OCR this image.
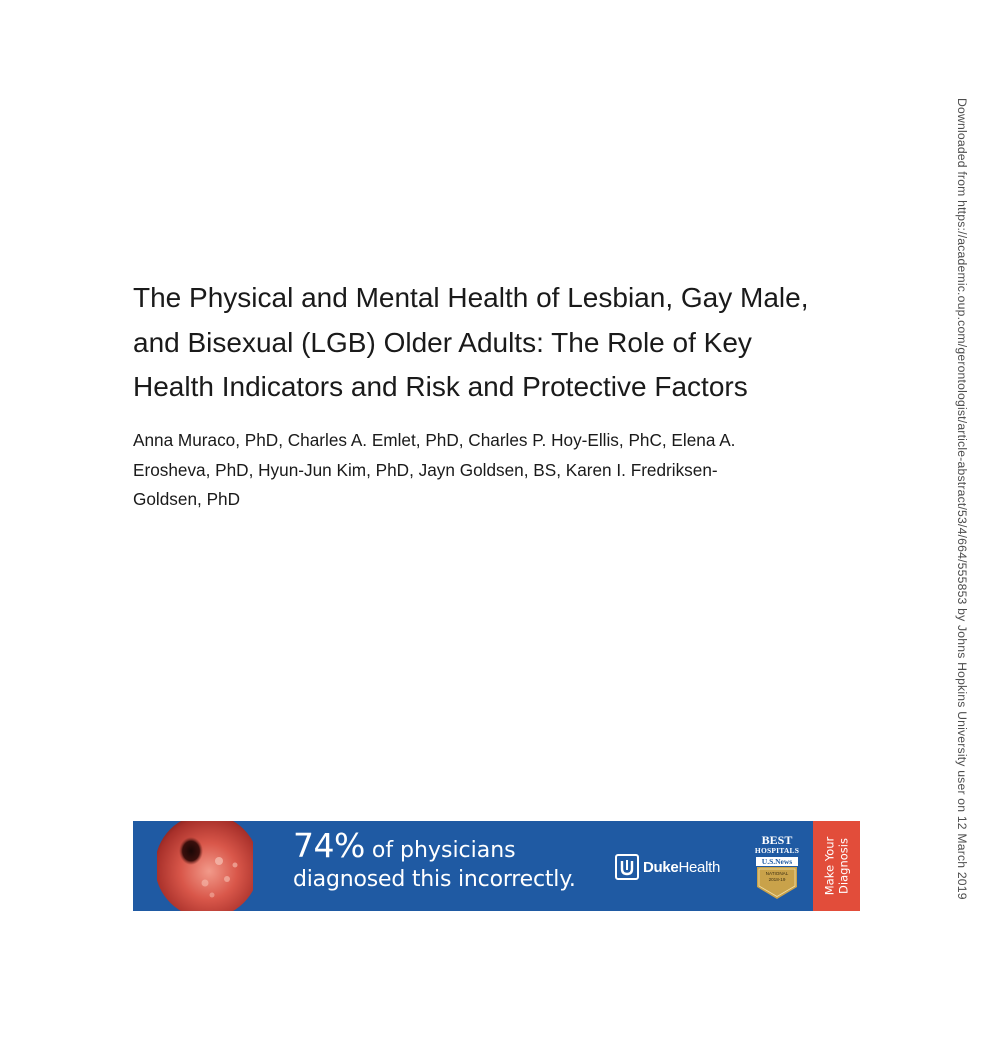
Downloaded from https://academic.oup.com/gerontologist/article-abstract/53/4/664/555853 by Johns Hopkins University user on 12 March 2019
The Physical and Mental Health of Lesbian, Gay Male,
and Bisexual (LGB) Older Adults: The Role of Key
Health Indicators and Risk and Protective Factors

Anna Muraco, PhD, Charles A. Emlet, PhD, Charles P. Hoy-Ellis, PhC, Elena A.
Erosheva, PhD, Hyun-Jun Kim, PhD, Jayn Goldsen, BS, Karen I. Fredriksen-
Goldsen, PhD

74% of physicians
diagnosed this incorrectly.	DukeHealth
BEST
HOSPITALS
U.S.News
NATIONAL
2018-19	Make Your Diagnosis
